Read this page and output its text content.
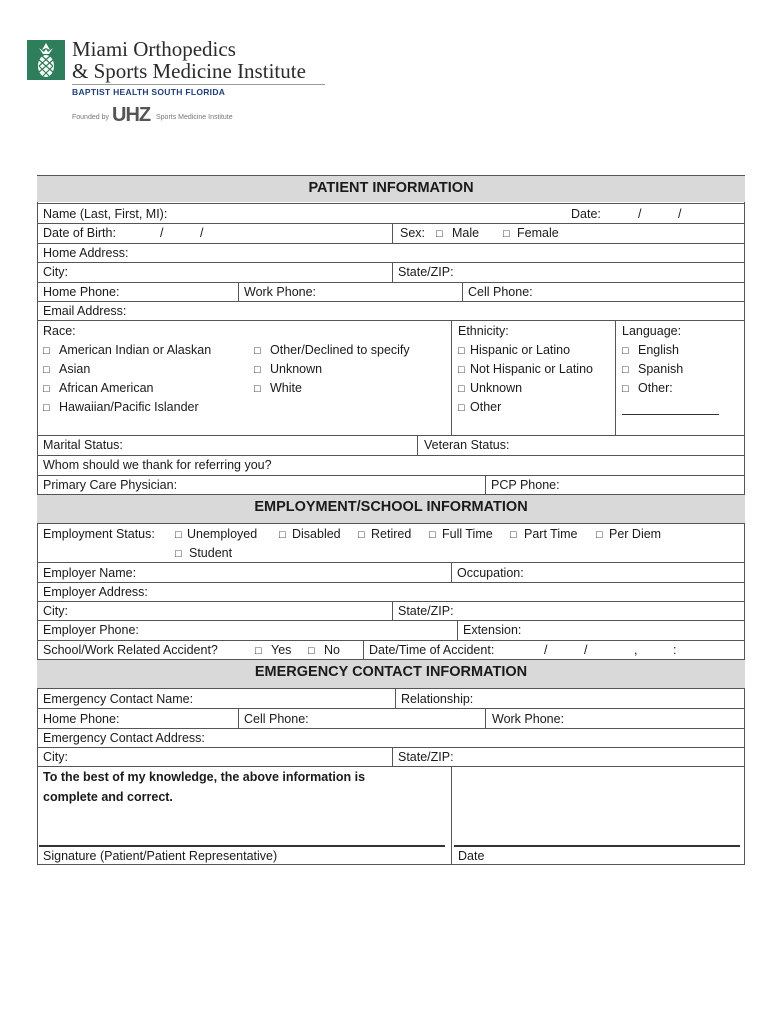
Miami Orthopedics
& Sports Medicine Institute
BAPTIST HEALTH SOUTH FLORIDA
Founded by UHZ Sports Medicine Institute
PATIENT INFORMATION
EMPLOYMENT/SCHOOL INFORMATION
EMERGENCY CONTACT INFORMATION
Name (Last, First, MI):	Date:	/	/
Date of Birth:	/	/	Sex: □ Male □ Female
Home Address:
City:	State/ZIP:
Home Phone:	Work Phone:	Cell Phone:
Email Address:
Race:
□ American Indian or Alaskan
□ Asian
□ African American
□ Hawaiian/Pacific Islander
□ Other/Declined to specify
□ Unknown
□ White
Ethnicity:
□ Hispanic or Latino
□ Not Hispanic or Latino
□ Unknown
□ Other
Language:
□ English
□ Spanish
□ Other:
Marital Status:	Veteran Status:
Whom should we thank for referring you?
Primary Care Physician:	PCP Phone:
Employment Status: □ Unemployed □ Disabled □ Retired □ Full Time □ Part Time □ Per Diem
□ Student
Employer Name:	Occupation:
Employer Address:
City:	State/ZIP:
Employer Phone:	Extension:
School/Work Related Accident?	□ Yes □ No Date/Time of Accident:	/	/	,	:
Emergency Contact Name:	Relationship:
Home Phone:	Cell Phone:	Work Phone:
Emergency Contact Address:
City:	State/ZIP:
To the best of my knowledge, the above information is
complete and correct.
Signature (Patient/Patient Representative)	Date
